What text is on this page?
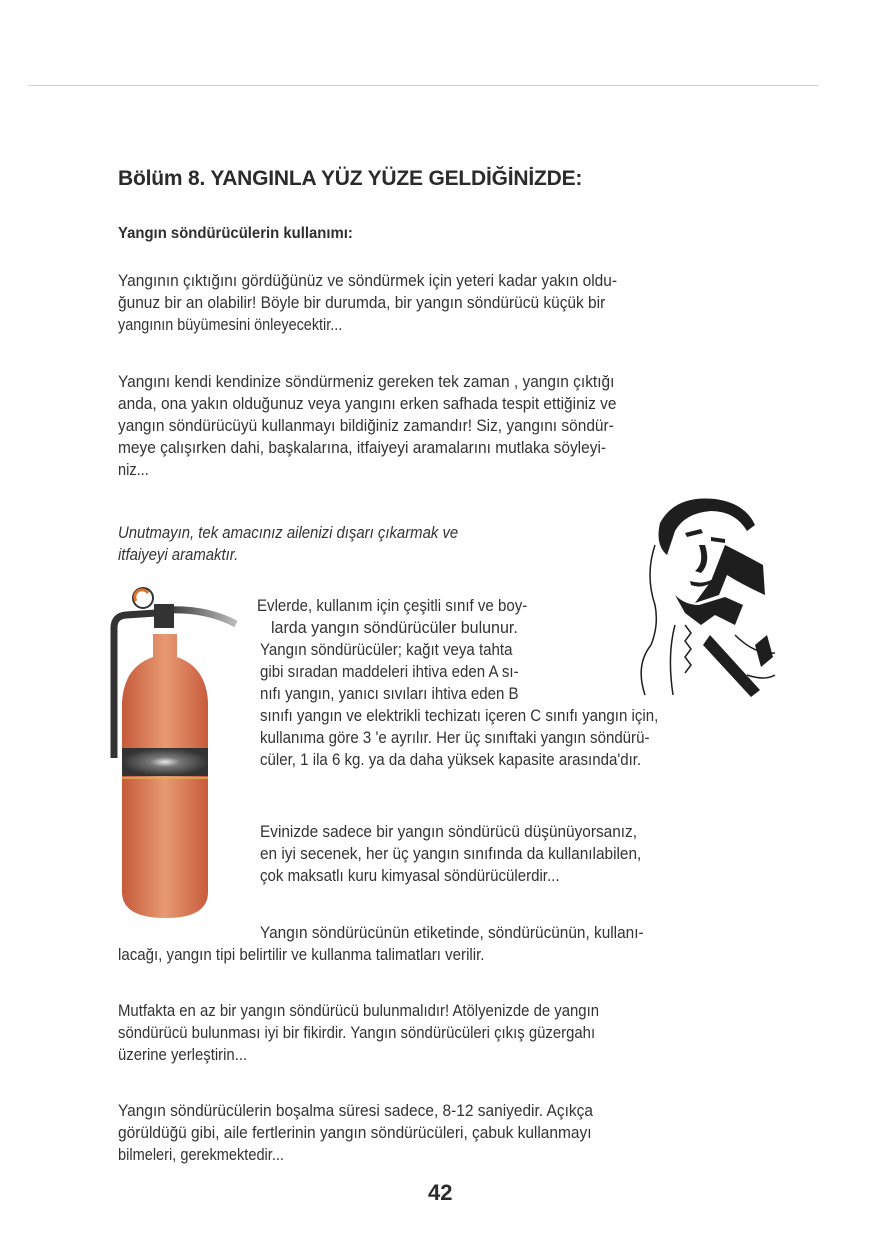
Bölüm 8. YANGINLA YÜZ YÜZE GELDİĞİNİZDE:
Yangın söndürücülerin kullanımı:
Yangının çıktığını gördüğünüz ve söndürmek için yeteri kadar yakın oldu-
ğunuz bir an olabilir! Böyle bir durumda, bir yangın söndürücü küçük bir
yangının büyümesini önleyecektir...
Yangını kendi kendinize söndürmeniz gereken tek zaman , yangın çıktığı
anda, ona yakın olduğunuz veya yangını erken safhada tespit ettiğiniz ve
yangın söndürücüyü kullanmayı bildiğiniz zamandır! Siz, yangını söndür-
meye çalışırken dahi, başkalarına, itfaiyeyi aramalarını mutlaka söyleyi-
niz...
Unutmayın, tek amacınız ailenizi dışarı çıkarmak ve
itfaiyeyi aramaktır.
Evlerde, kullanım için çeşitli sınıf ve boy-
larda yangın söndürücüler bulunur.
Yangın söndürücüler; kağıt veya tahta
gibi sıradan maddeleri ihtiva eden A sı-
nıfı yangın, yanıcı sıvıları ihtiva eden B
sınıfı yangın ve elektrikli techizatı içeren C sınıfı yangın için,
kullanıma göre 3 'e ayrılır. Her üç sınıftaki yangın söndürü-
cüler, 1 ila 6 kg. ya da daha yüksek kapasite arasında'dır.
Evinizde sadece bir yangın söndürücü düşünüyorsanız,
en iyi secenek, her üç yangın sınıfında da kullanılabilen,
çok maksatlı kuru kimyasal söndürücülerdir...
Yangın söndürücünün etiketinde, söndürücünün, kullanı-
lacağı, yangın tipi belirtilir ve kullanma talimatları verilir.
Mutfakta en az bir yangın söndürücü bulunmalıdır! Atölyenizde de yangın
söndürücü bulunması iyi bir fikirdir. Yangın söndürücüleri çıkış güzergahı
üzerine yerleştirin...
Yangın söndürücülerin boşalma süresi sadece, 8-12 saniyedir. Açıkça
görüldüğü gibi, aile fertlerinin yangın söndürücüleri, çabuk kullanmayı
bilmeleri, gerekmektedir...
42
